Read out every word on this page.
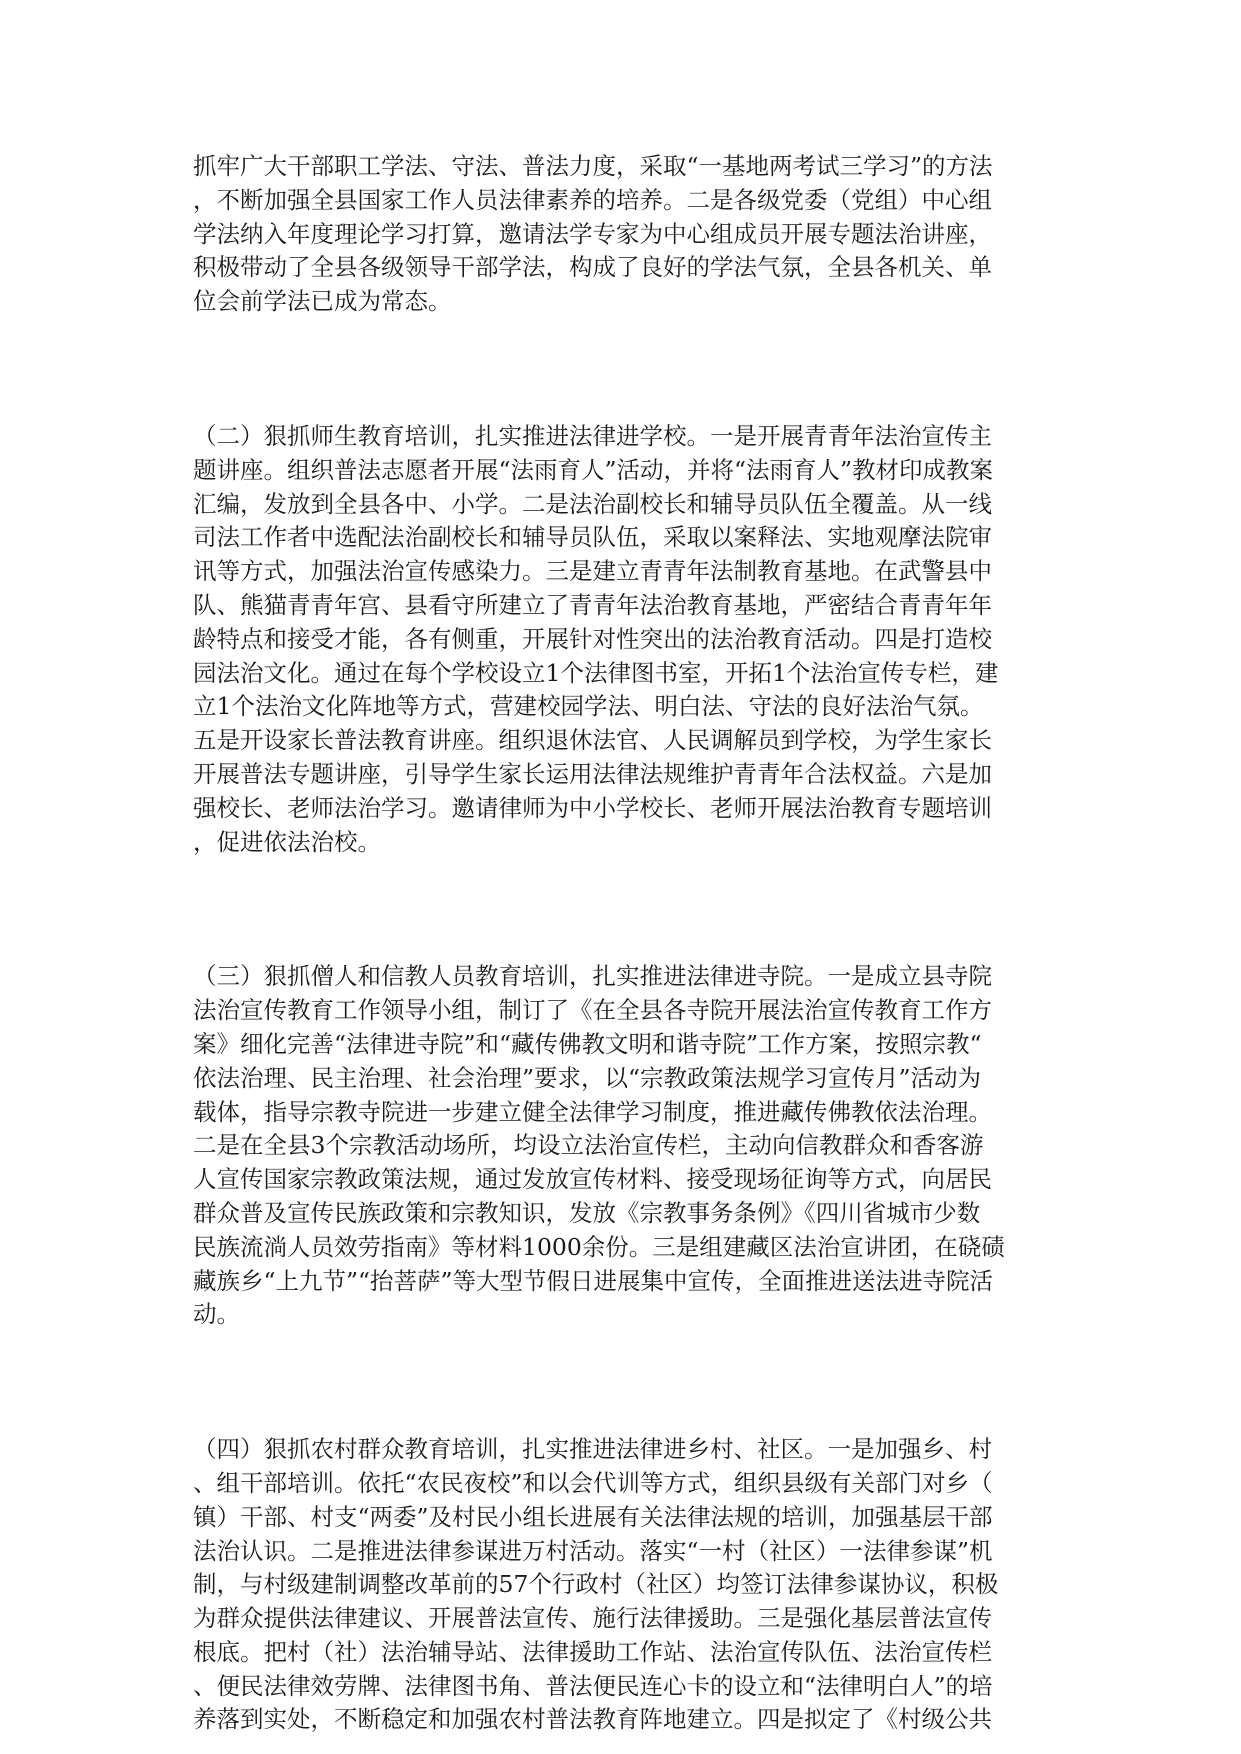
抓牢广大干部职工学法、守法、普法力度，采取“一基地两考试三学习”的方法
，不断加强全县国家工作人员法律素养的培养。二是各级党委（党组）中心组
学法纳入年度理论学习打算，邀请法学专家为中心组成员开展专题法治讲座，
积极带动了全县各级领导干部学法，构成了良好的学法气氛，全县各机关、单
位会前学法已成为常态。

（二）狠抓师生教育培训，扎实推进法律进学校。一是开展青青年法治宣传主
题讲座。组织普法志愿者开展“法雨育人”活动，并将“法雨育人”教材印成教案
汇编，发放到全县各中、小学。二是法治副校长和辅导员队伍全覆盖。从一线
司法工作者中选配法治副校长和辅导员队伍，采取以案释法、实地观摩法院审
讯等方式，加强法治宣传感染力。三是建立青青年法制教育基地。在武警县中
队、熊猫青青年宫、县看守所建立了青青年法治教育基地，严密结合青青年年
龄特点和接受才能，各有侧重，开展针对性突出的法治教育活动。四是打造校
园法治文化。通过在每个学校设立1个法律图书室，开拓1个法治宣传专栏，建
立1个法治文化阵地等方式，营建校园学法、明白法、守法的良好法治气氛。
五是开设家长普法教育讲座。组织退休法官、人民调解员到学校，为学生家长
开展普法专题讲座，引导学生家长运用法律法规维护青青年合法权益。六是加
强校长、老师法治学习。邀请律师为中小学校长、老师开展法治教育专题培训
，促进依法治校。

（三）狠抓僧人和信教人员教育培训，扎实推进法律进寺院。一是成立县寺院
法治宣传教育工作领导小组，制订了《在全县各寺院开展法治宣传教育工作方
案》细化完善“法律进寺院”和“藏传佛教文明和谐寺院”工作方案，按照宗教“
依法治理、民主治理、社会治理”要求，以“宗教政策法规学习宣传月”活动为
载体，指导宗教寺院进一步建立健全法律学习制度，推进藏传佛教依法治理。
二是在全县3个宗教活动场所，均设立法治宣传栏，主动向信教群众和香客游
人宣传国家宗教政策法规，通过发放宣传材料、接受现场征询等方式，向居民
群众普及宣传民族政策和宗教知识，发放《宗教事务条例》《四川省城市少数
民族流淌人员效劳指南》等材料1000余份。三是组建藏区法治宣讲团，在硗碛
藏族乡“上九节”“抬菩萨”等大型节假日进展集中宣传，全面推进送法进寺院活
动。

（四）狠抓农村群众教育培训，扎实推进法律进乡村、社区。一是加强乡、村
、组干部培训。依托“农民夜校”和以会代训等方式，组织县级有关部门对乡（
镇）干部、村支“两委”及村民小组长进展有关法律法规的培训，加强基层干部
法治认识。二是推进法律参谋进万村活动。落实“一村（社区）一法律参谋”机
制，与村级建制调整改革前的57个行政村（社区）均签订法律参谋协议，积极
为群众提供法律建议、开展普法宣传、施行法律援助。三是强化基层普法宣传
根底。把村（社）法治辅导站、法律援助工作站、法治宣传队伍、法治宣传栏
、便民法律效劳牌、法律图书角、普法便民连心卡的设立和“法律明白人”的培
养落到实处，不断稳定和加强农村普法教育阵地建立。四是拟定了《村级公共
